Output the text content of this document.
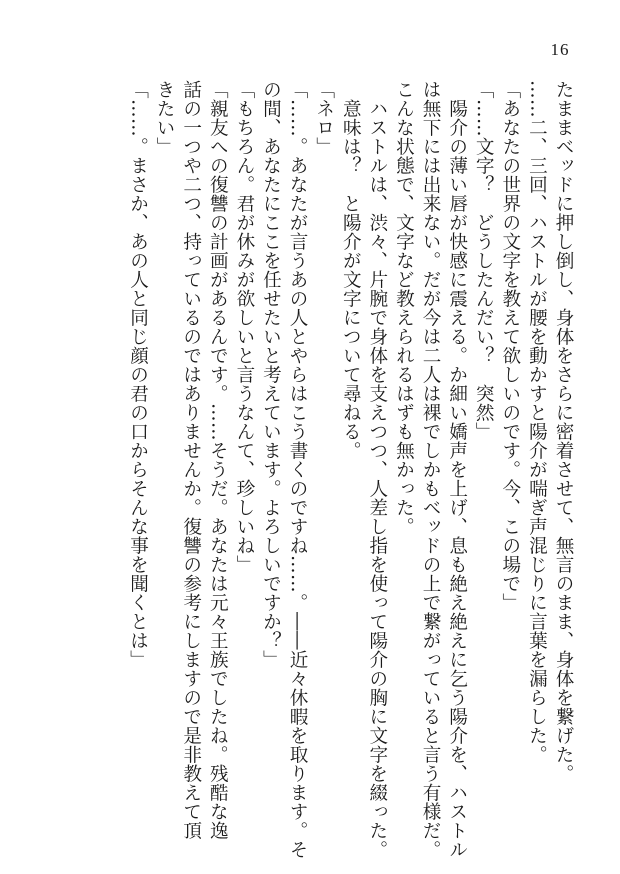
16
たままベッドに押し倒し、身体をさらに密着させて、無言のまま、身体を繋げた。
……二、三回、ハストルが腰を動かすと陽介が喘ぎ声混じりに言葉を漏らした。
「あなたの世界の文字を教えて欲しいのです。今、この場で」
「……文字？　どうしたんだい？　突然」
　陽介の薄い唇が快感に震える。か細い嬌声を上げ、息も絶え絶えに乞う陽介を、ハストル
は無下には出来ない。だが今は二人は裸でしかもベッドの上で繋がっていると言う有様だ。
こんな状態で、文字など教えられるはずも無かった。
　ハストルは、渋々、片腕で身体を支えつつ、人差し指を使って陽介の胸に文字を綴った。
　意味は？　と陽介が文字について尋ねる。
「ネロ」
「……。あなたが言うあの人とやらはこう書くのですね……。――近々休暇を取ります。そ
の間、あなたにここを任せたいと考えています。よろしいですか？」
「もちろん。君が休みが欲しいと言うなんて、珍しいね」
「親友への復讐の計画があるんです。……そうだ。あなたは元々王族でしたね。残酷な逸
話の一つや二つ、持っているのではありませんか。復讐の参考にしますので是非教えて頂
きたい」
「……。まさか、あの人と同じ顔の君の口からそんな事を聞くとは」
